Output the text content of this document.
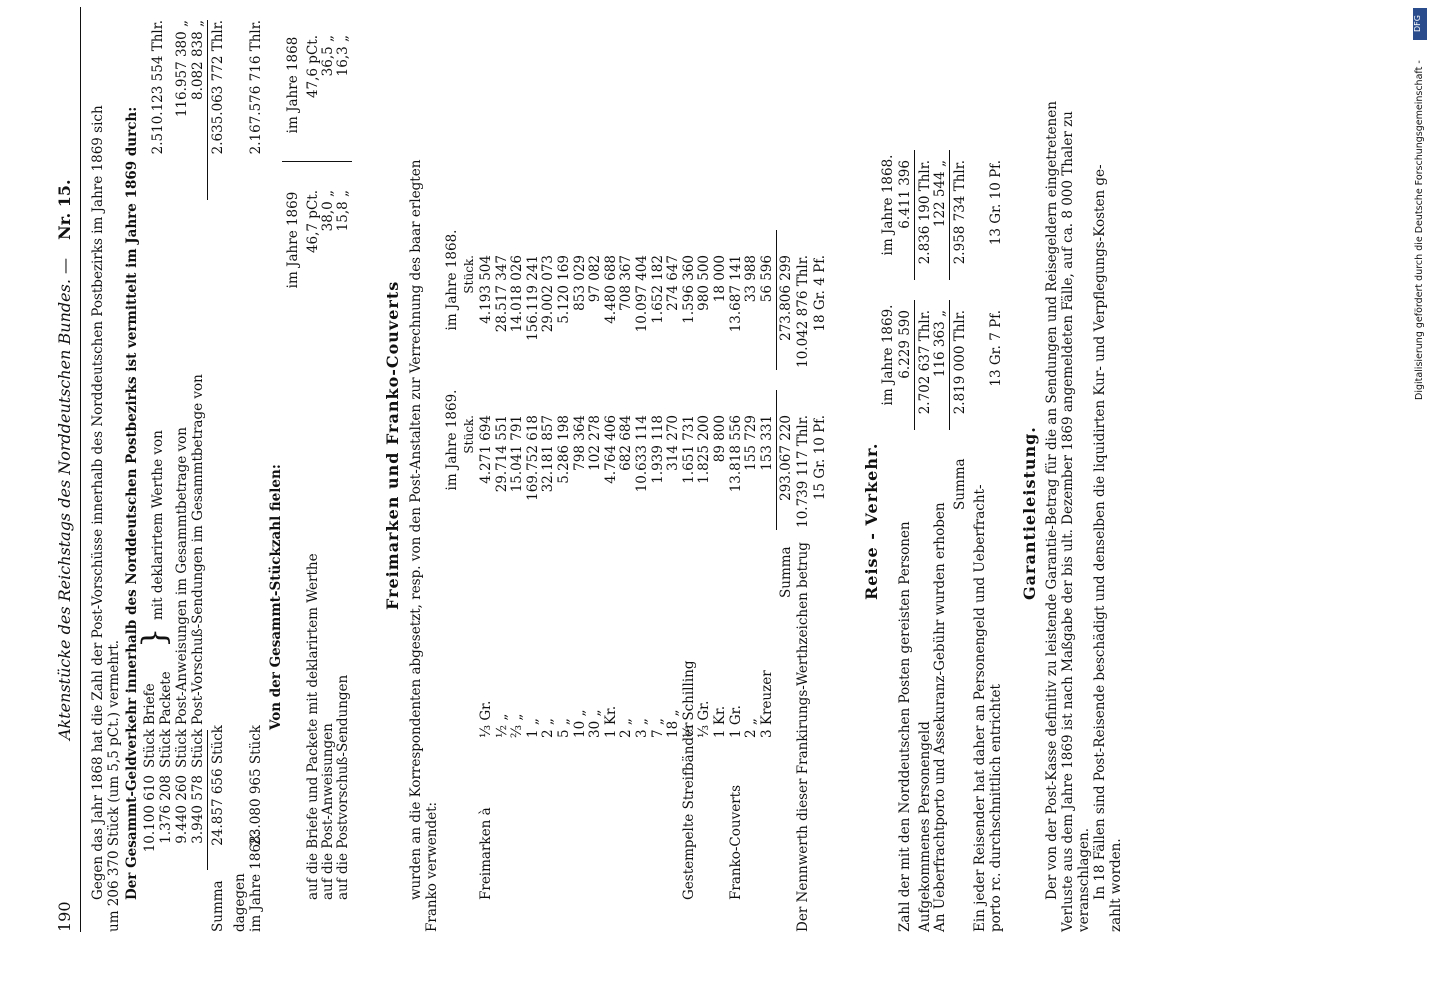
190
Aktenstücke des Reichstags des Norddeutschen Bundes. —
Nr. 15. Gegen das Jahr 1868 hat die Zahl der Post-Vorschüsse innerhalb des Norddeutschen Postbezirks im Jahre 1869 sich um 206 370 Stück (um 5,5 pCt.) vermehrt. Der Gesammt-Geldverkehr innerhalb des Norddeutschen Postbezirks ist vermittelt im Jahre 1869 durch: 10.100 610
Stück
Briefe
mit deklarirtem Werthe von
2.510.123 554 Thlr.
1.376 208
Stück
Packete
}
9.440 260
Stück
Post-Anweisungen im Gesammtbetrage von
116.957 380 „
3.940 578
Stück
Post-Vorschuß-Sendungen im Gesammtbetrage von
8.082 838 „
Summa
24.857 656 Stück
2.635.063 772 Thlr.
dagegen im Jahre 1868:
23.080 965 Stück
2.167.576 716 Thlr.
Von der Gesammt-Stückzahl fielen:
im Jahre 1869
im Jahre 1868
auf die Briefe und Packete mit deklarirtem Werthe
46,7 pCt.
47,6 pCt.
auf die Post-Anweisungen
38,0 „
36,5 „
auf die Postvorschuß-Sendungen
15,8 „
16,3 „
Freimarken und Franko-Couverts wurden an die Korrespondenten abgesetzt, resp. von den Post-Anstalten zur Verrechnung des baar erlegten Franko verwendet:
im Jahre 1869.
im Jahre 1868.
Stück.
Stück.
Freimarken à
⅓ Gr.
4.271 694
4.193 504
½ „
29.714 551
28.517 347
⅔ „
15.041 791
14.018 026
1 „
169.752 618
156.119 241
2 „
32.181 857
29.002 073
5 „
5.286 198
5.120 169
10 „
798 364
853 029
30 „
102 278
97 082
1 Kr.
4.764 406
4.480 688
2 „
682 684
708 367
3 „
10.633 114
10.097 404
7 „
1.939 118
1.652 182
18 „
314 270
274 647
Gestempelte Streifbänder
⅓ Schilling
1.651 731
1.596 360
⅓ Gr.
1.825 200
980 500
1 Kr.
89 800
18 000
Franko-Couverts
1 Gr.
13.818 556
13.687 141
2 „
155 729
33 988
3 Kreuzer
153 331
56 596
Summa
293.067 220
273.806 299
Der Nennwerth dieser Frankirungs-Werthzeichen betrug
10.739 117 Thlr.
10.042 876 Thlr.
15 Gr. 10 Pf.
18 Gr. 4 Pf.
Reise - Verkehr.
im Jahre 1869.
im Jahre 1868.
Zahl der mit den Norddeutschen Posten gereisten Personen
6.229 590
6.411 396
Aufgekommenes Personengeld
2.702 637 Thlr.
2.836 190 Thlr.
An Ueberfrachtporto und Assekuranz-Gebühr wurden erhoben
116 363 „
122 544 „
Summa
2.819 000 Thlr.
2.958 734 Thlr.
Ein jeder Reisender hat daher an Personengeld und Ueberfracht- porto rc. durchschnittlich entrichtet
13 Gr. 7 Pf.
13 Gr. 10 Pf.
Garantieleistung. Der von der Post-Kasse definitiv zu leistende Garantie-Betrag für die an Sendungen und Reisegeldern eingetretenen Verluste aus dem Jahre 1869 ist nach Maßgabe der bis ult. Dezember 1869 angemeldeten Fälle, auf ca. 8 000 Thaler zu veranschlagen. In 18 Fällen sind Post-Reisende beschädigt und denselben die liquidirten Kur- und Verpflegungs-Kosten ge- zahlt worden.
DFG
Digitalisierung gefördert durch die Deutsche Forschungsgemeinschaft -
